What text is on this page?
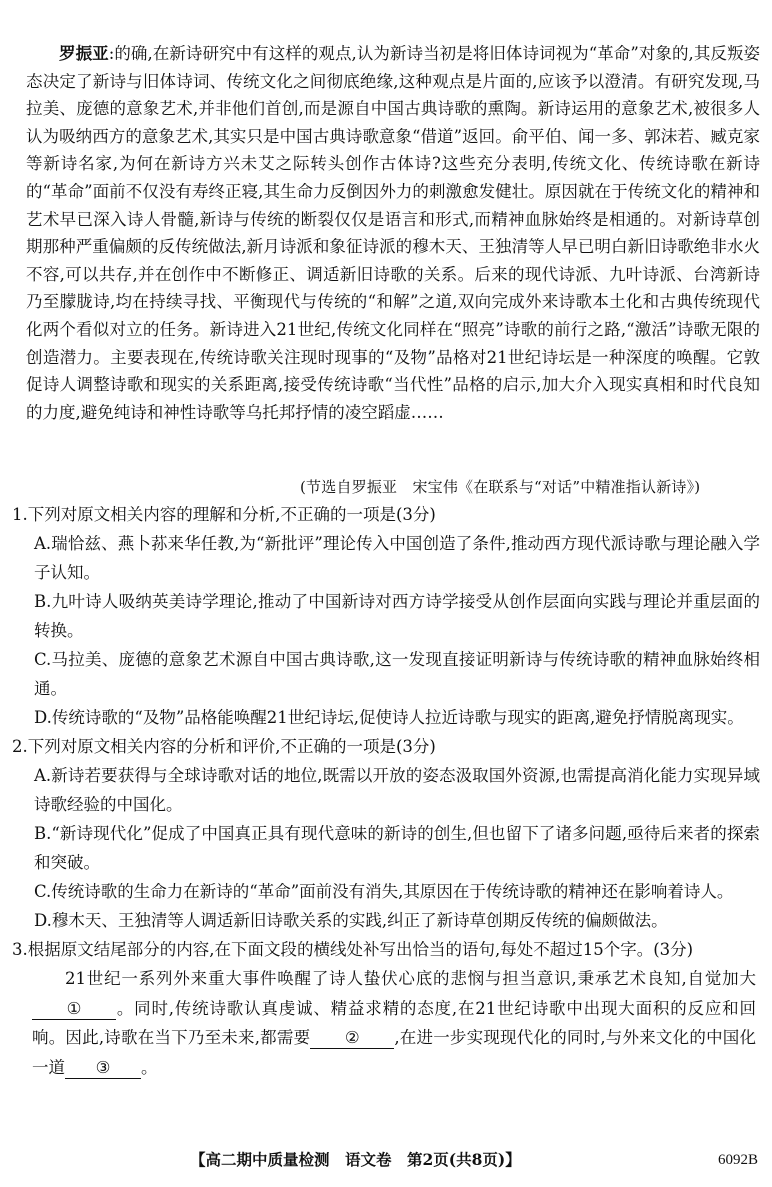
罗振亚:的确,在新诗研究中有这样的观点,认为新诗当初是将旧体诗词视为“革命”对象的,其反叛姿态决定了新诗与旧体诗词、传统文化之间彻底绝缘,这种观点是片面的,应该予以澄清。有研究发现,马拉美、庞德的意象艺术,并非他们首创,而是源自中国古典诗歌的熏陶。新诗运用的意象艺术,被很多人认为吸纳西方的意象艺术,其实只是中国古典诗歌意象“借道”返回。俞平伯、闻一多、郭沫若、臧克家等新诗名家,为何在新诗方兴未艾之际转头创作古体诗?这些充分表明,传统文化、传统诗歌在新诗的“革命”面前不仅没有寿终正寝,其生命力反倒因外力的刺激愈发健壮。原因就在于传统文化的精神和艺术早已深入诗人骨髓,新诗与传统的断裂仅仅是语言和形式,而精神血脉始终是相通的。对新诗草创期那种严重偏颇的反传统做法,新月诗派和象征诗派的穆木天、王独清等人早已明白新旧诗歌绝非水火不容,可以共存,并在创作中不断修正、调适新旧诗歌的关系。后来的现代诗派、九叶诗派、台湾新诗乃至朦胧诗,均在持续寻找、平衡现代与传统的“和解”之道,双向完成外来诗歌本土化和古典传统现代化两个看似对立的任务。新诗进入21世纪,传统文化同样在“照亮”诗歌的前行之路,“激活”诗歌无限的创造潜力。主要表现在,传统诗歌关注现时现事的“及物”品格对21世纪诗坛是一种深度的唤醒。它敦促诗人调整诗歌和现实的关系距离,接受传统诗歌“当代性”品格的启示,加大介入现实真相和时代良知的力度,避免纯诗和神性诗歌等乌托邦抒情的凌空蹈虚……
(节选自罗振亚　宋宝伟《在联系与“对话”中精准指认新诗》)
1.下列对原文相关内容的理解和分析,不正确的一项是(3分)
A.瑞恰兹、燕卜荪来华任教,为“新批评”理论传入中国创造了条件,推动西方现代派诗歌与理论融入学子认知。
B.九叶诗人吸纳英美诗学理论,推动了中国新诗对西方诗学接受从创作层面向实践与理论并重层面的转换。
C.马拉美、庞德的意象艺术源自中国古典诗歌,这一发现直接证明新诗与传统诗歌的精神血脉始终相通。
D.传统诗歌的“及物”品格能唤醒21世纪诗坛,促使诗人拉近诗歌与现实的距离,避免抒情脱离现实。
2.下列对原文相关内容的分析和评价,不正确的一项是(3分)
A.新诗若要获得与全球诗歌对话的地位,既需以开放的姿态汲取国外资源,也需提高消化能力实现异域诗歌经验的中国化。
B.“新诗现代化”促成了中国真正具有现代意味的新诗的创生,但也留下了诸多问题,亟待后来者的探索和突破。
C.传统诗歌的生命力在新诗的“革命”面前没有消失,其原因在于传统诗歌的精神还在影响着诗人。
D.穆木天、王独清等人调适新旧诗歌关系的实践,纠正了新诗草创期反传统的偏颇做法。
3.根据原文结尾部分的内容,在下面文段的横线处补写出恰当的语句,每处不超过15个字。(3分)
21世纪一系列外来重大事件唤醒了诗人蛰伏心底的悲悯与担当意识,秉承艺术良知,自觉加大① 。同时,传统诗歌认真虔诚、精益求精的态度,在21世纪诗歌中出现大面积的反应和回响。因此,诗歌在当下乃至未来,都需要 ② ,在进一步实现现代化的同时,与外来文化的中国化一道 ③ 。
【高二期中质量检测　语文卷　第2页(共8页)】	6092B
